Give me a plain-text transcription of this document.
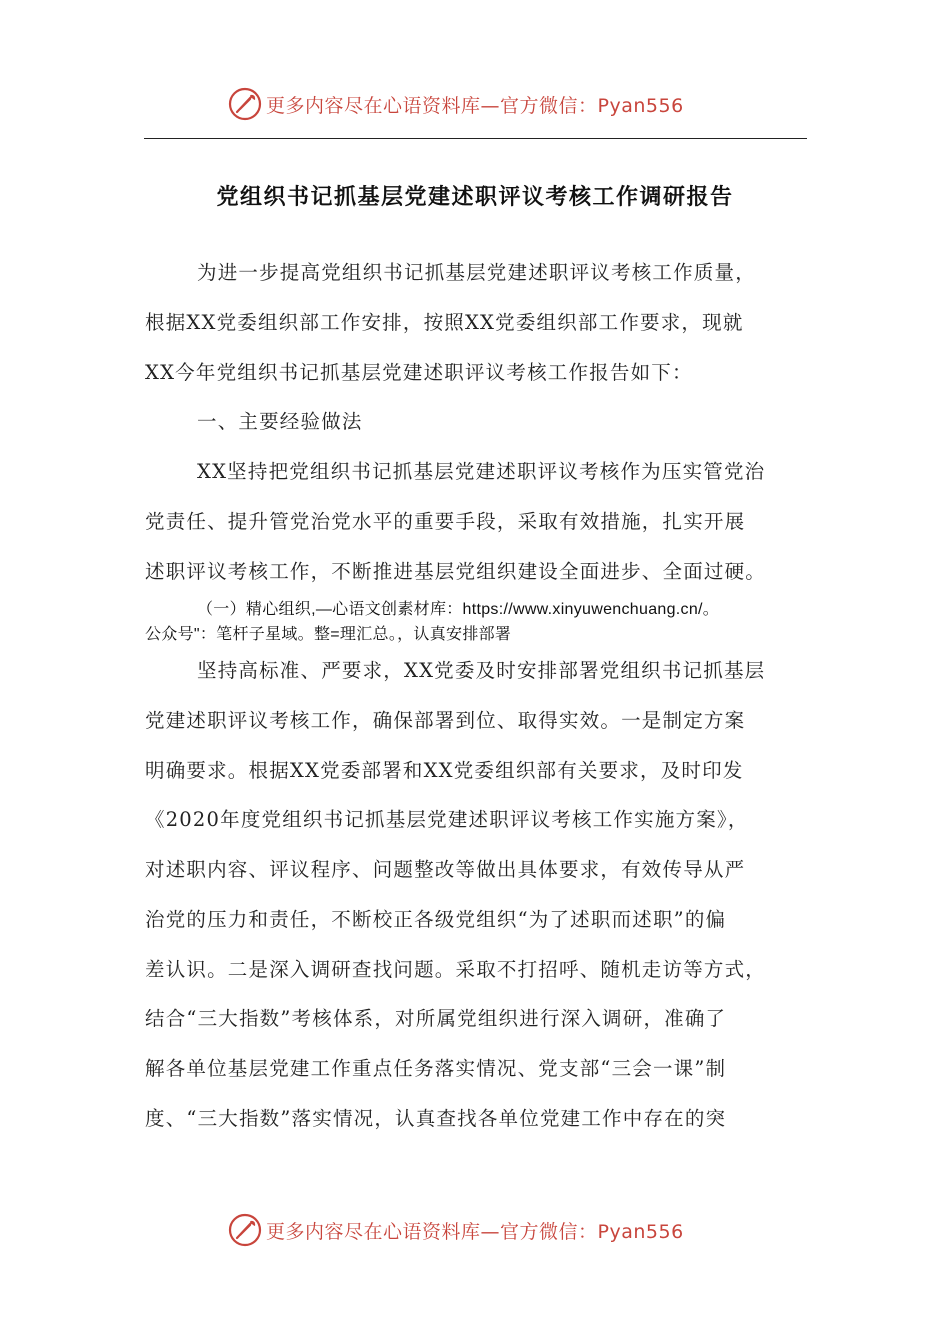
更多内容尽在心语资料库—官方微信：Pyan556
党组织书记抓基层党建述职评议考核工作调研报告
为进一步提高党组织书记抓基层党建述职评议考核工作质量，
根据XX党委组织部工作安排，按照XX党委组织部工作要求，现就
XX今年党组织书记抓基层党建述职评议考核工作报告如下：
一、主要经验做法
XX坚持把党组织书记抓基层党建述职评议考核作为压实管党治
党责任、提升管党治党水平的重要手段，采取有效措施，扎实开展
述职评议考核工作，不断推进基层党组织建设全面进步、全面过硬。
（一）精心组织,—心语文创素材库：https://www.xinyuwenchuang.cn/。
公众号"：笔杆子星域。整=理汇总。，认真安排部署
坚持高标准、严要求，XX党委及时安排部署党组织书记抓基层
党建述职评议考核工作，确保部署到位、取得实效。一是制定方案
明确要求。根据XX党委部署和XX党委组织部有关要求，及时印发
《2020年度党组织书记抓基层党建述职评议考核工作实施方案》，
对述职内容、评议程序、问题整改等做出具体要求，有效传导从严
治党的压力和责任，不断校正各级党组织“为了述职而述职”的偏
差认识。二是深入调研查找问题。采取不打招呼、随机走访等方式，
结合“三大指数”考核体系，对所属党组织进行深入调研，准确了
解各单位基层党建工作重点任务落实情况、党支部“三会一课”制
度、“三大指数”落实情况，认真查找各单位党建工作中存在的突
更多内容尽在心语资料库—官方微信：Pyan556
